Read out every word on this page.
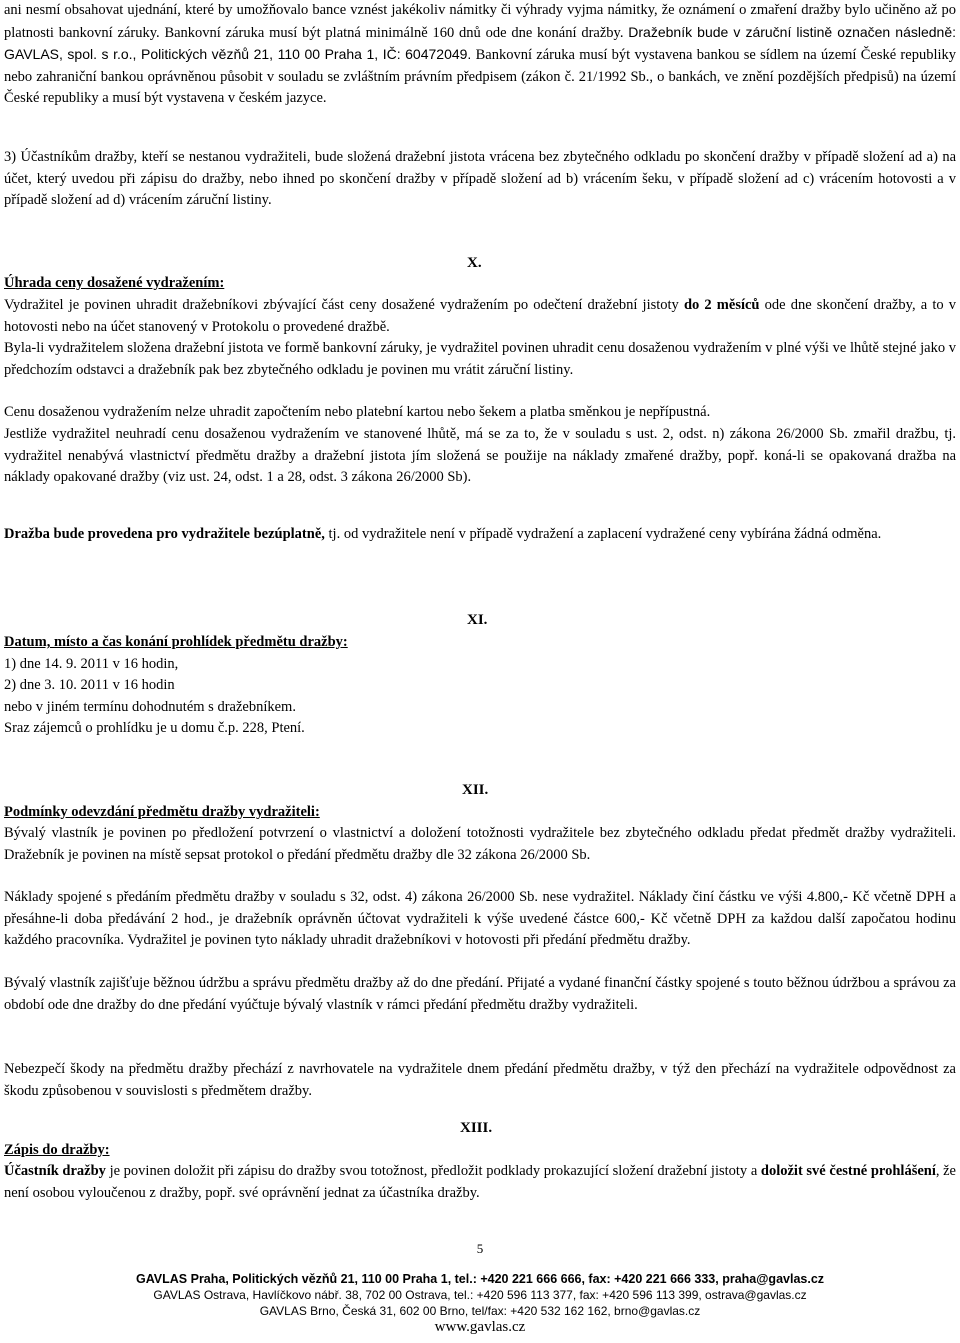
ani nesmí obsahovat ujednání, které by umožňovalo bance vznést jakékoliv námitky či výhrady vyjma námitky, že oznámení o zmaření dražby bylo učiněno až po platnosti bankovní záruky. Bankovní záruka musí být platná minimálně 160 dnů ode dne konání dražby. Dražebník bude v záruční listině označen následně: GAVLAS, spol. s r.o., Politických vězňů 21, 110 00 Praha 1, IČ: 60472049. Bankovní záruka musí být vystavena bankou se sídlem na území České republiky nebo zahraniční bankou oprávněnou působit v souladu se zvláštním právním předpisem (zákon č. 21/1992 Sb., o bankách, ve znění pozdějších předpisů) na území České republiky a musí být vystavena v českém jazyce.

3) Účastníkům dražby, kteří se nestanou vydražiteli, bude složená dražební jistota vrácena bez zbytečného odkladu po skončení dražby v případě složení ad a) na účet, který uvedou při zápisu do dražby, nebo ihned po skončení dražby v případě složení ad b) vrácením šeku, v případě složení ad c) vrácením hotovosti a v případě složení ad d) vrácením záruční listiny.

X.

Úhrada ceny dosažené vydražením:

Vydražitel je povinen uhradit dražebníkovi zbývající část ceny dosažené vydražením po odečtení dražební jistoty do 2 měsíců ode dne skončení dražby, a to v hotovosti nebo na účet stanovený v Protokolu o provedené dražbě.

Byla-li vydražitelem složena dražební jistota ve formě bankovní záruky, je vydražitel povinen uhradit cenu dosaženou vydražením v plné výši ve lhůtě stejné jako v předchozím odstavci a dražebník pak bez zbytečného odkladu je povinen mu vrátit záruční listiny.

Cenu dosaženou vydražením nelze uhradit započtením nebo platební kartou nebo šekem a platba směnkou je nepřípustná.

Jestliže vydražitel neuhradí cenu dosaženou vydražením ve stanovené lhůtě, má se za to, že v souladu s ust. 2, odst. n) zákona 26/2000 Sb. zmařil dražbu, tj. vydražitel nenabývá vlastnictví předmětu dražby a dražební jistota jím složená se použije na náklady zmařené dražby, popř. koná-li se opakovaná dražba na náklady opakované dražby (viz ust. 24, odst. 1 a 28, odst. 3 zákona 26/2000 Sb).

Dražba bude provedena pro vydražitele bezúplatně, tj. od vydražitele není v případě vydražení a zaplacení vydražené ceny vybírána žádná odměna.

XI.
Datum, místo a čas konání prohlídek předmětu dražby:
1) dne 14. 9. 2011 v 16 hodin,
2) dne 3. 10. 2011 v 16 hodin
nebo v jiném termínu dohodnutém s dražebníkem.
Sraz zájemců o prohlídku je u domu č.p. 228, Ptení.
XII.

Podmínky odevzdání předmětu dražby vydražiteli:

Bývalý vlastník je povinen po předložení potvrzení o vlastnictví a doložení totožnosti vydražitele bez zbytečného odkladu předat předmět dražby vydražiteli. Dražebník je povinen na místě sepsat protokol o předání předmětu dražby dle 32 zákona 26/2000 Sb.

Náklady spojené s předáním předmětu dražby v souladu s 32, odst. 4) zákona 26/2000 Sb. nese vydražitel. Náklady činí částku ve výši 4.800,- Kč včetně DPH a přesáhne-li doba předávání 2 hod., je dražebník oprávněn účtovat vydražiteli k výše uvedené částce 600,- Kč včetně DPH za každou další započatou hodinu každého pracovníka. Vydražitel je povinen tyto náklady uhradit dražebníkovi v hotovosti při předání předmětu dražby.

Bývalý vlastník zajišťuje běžnou údržbu a správu předmětu dražby až do dne předání. Přijaté a vydané finanční částky spojené s touto běžnou údržbou a správou za období ode dne dražby do dne předání vyúčtuje bývalý vlastník v rámci předání předmětu dražby vydražiteli.

Nebezpečí škody na předmětu dražby přechází z navrhovatele na vydražitele dnem předání předmětu dražby, v týž den přechází na vydražitele odpovědnost za škodu způsobenou v souvislosti s předmětem dražby.

XIII.

Zápis do dražby:

Účastník dražby je povinen doložit při zápisu do dražby svou totožnost, předložit podklady prokazující složení dražební jistoty a doložit své čestné prohlášení, že není osobou vyloučenou z dražby, popř. své oprávnění jednat za účastníka dražby.

5
GAVLAS Praha, Politických vězňů 21, 110 00 Praha 1, tel.: +420 221 666 666, fax: +420 221 666 333, praha@gavlas.cz
GAVLAS Ostrava, Havlíčkovo nábř. 38, 702 00 Ostrava, tel.: +420 596 113 377, fax: +420 596 113 399, ostrava@gavlas.cz
GAVLAS Brno, Česká 31, 602 00 Brno, tel/fax: +420 532 162 162, brno@gavlas.cz
www.gavlas.cz
